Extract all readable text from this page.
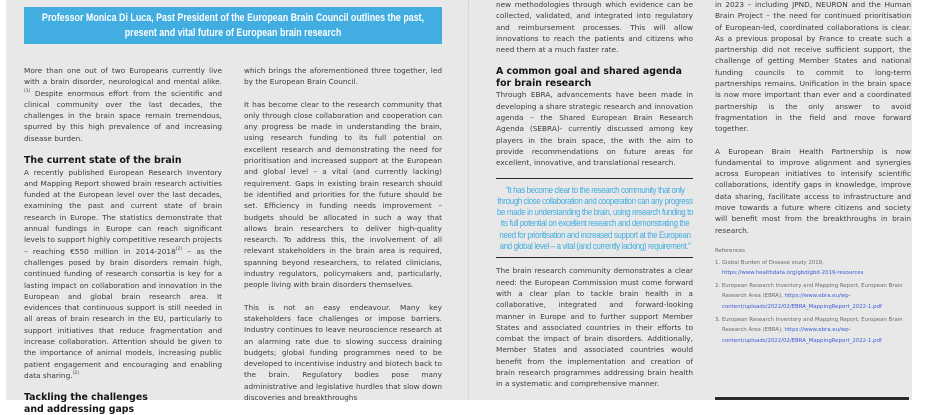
Professor Monica Di Luca, Past President of the European Brain Council outlines the past,
present and vital future of European brain research

More than one out of two Europeans currently live with a brain disorder, neurological and mental alike.$^{(1)}$ Despite enormous effort from the scientific and clinical community over the last decades, the challenges in the brain space remain tremendous, spurred by this high prevalence of and increasing disease burden.

The current state of the brain

A recently published European Research Inventory and Mapping Report showed brain research activities funded at the European level over the last decades, examining the past and current state of brain research in Europe. The statistics demonstrate that annual fundings in Europe can reach significant levels to support highly competitive research projects – reaching €550 million in 2014-2018$^{(2)}$ – as the challenges posed by brain disorders remain high, continued funding of research consortia is key for a lasting impact on collaboration and innovation in the European and global brain research area. It evidences that continuous support is still needed in all areas of brain research in the EU, particularly to support initiatives that reduce fragmentation and increase collaboration. Attention should be given to the importance of animal models, increasing public patient engagement and encouraging and enabling data sharing.$^{(2)}$

Tackling the challenges
and addressing gaps

which brings the aforementioned three together, led by the European Brain Council.

It has become clear to the research community that only through close collaboration and cooperation can any progress be made in understanding the brain, using research funding to its full potential on excellent research and demonstrating the need for prioritisation and increased support at the European and global level – a vital (and currently lacking) requirement. Gaps in existing brain research should be identified and priorities for the future should be set. Efficiency in funding needs improvement – budgets should be allocated in such a way that allows brain researchers to deliver high-quality research. To address this, the involvement of all relevant stakeholders in the brain area is required, spanning beyond researchers, to related clinicians, industry regulators, policymakers and, particularly, people living with brain disorders themselves.

This is not an easy endeavour. Many key stakeholders face challenges or impose barriers. Industry continues to leave neuroscience research at an alarming rate due to slowing success draining budgets; global funding programmes need to be developed to incentivise industry and biotech back to the brain. Regulatory bodies pose many administrative and legislative hurdles that slow down discoveries and breakthroughs

new methodologies through which evidence can be collected, validated, and integrated into regulatory and reimbursement processes. This will allow innovations to reach the patients and citizens who need them at a much faster rate.

A common goal and shared agenda
for brain research

Through EBRA, advancements have been made in developing a share strategic research and innovation agenda – the Shared European Brain Research Agenda (SEBRA)- currently discussed among key players in the brain space, the with the aim to provide recommendations on future areas for excellent, innovative, and translational research.

“It has become clear to the research community that only through close collaboration and cooperation can any progress be made in understanding the brain, using research funding to its full potential on excellent research and demonstrating the need for prioritisation and increased support at the European and global level – a vital (and currently lacking) requirement.”

The brain research community demonstrates a clear need: the European Commission must come forward with a clear plan to tackle brain health in a collaborative, integrated and forward-looking manner in Europe and to further support Member States and associated countries in their efforts to combat the impact of brain disorders. Additionally, Member States and associated countries would benefit from the implementation and creation of brain research programmes addressing brain health in a systematic and comprehensive manner.

in 2023 – including JPND, NEURON and the Human Brain Project – the need for continued prioritisation of European-led, coordinated collaborations is clear. As a previous proposal by France to create such a partnership did not receive sufficient support, the challenge of getting Member States and national funding councils to commit to long-term partnerships remains. Unification in the brain space is now more important than ever and a coordinated partnership is the only answer to avoid fragmentation in the field and move forward together.

A European Brain Health Partnership is now fundamental to improve alignment and synergies across European initiatives to intensify scientific collaborations, identify gaps in knowledge, improve data sharing, facilitate access to infrastructure and move towards a future where citizens and society will benefit most from the breakthroughs in brain research.

References
1. Global Burden of Disease study 2019, https://www.healthdata.org/gbd/gbd-2019-resources
2. European Research Inventory and Mapping Report, European Brain Research Area (EBRA), https://www.ebra.eu/wp-content/uploads/2022/02/EBRA_MappingReport_2022-1.pdf
3. European Research Inventory and Mapping Report, European Brain Research Area (EBRA), https://www.ebra.eu/wp-content/uploads/2022/02/EBRA_MappingReport_2022-1.pdf
